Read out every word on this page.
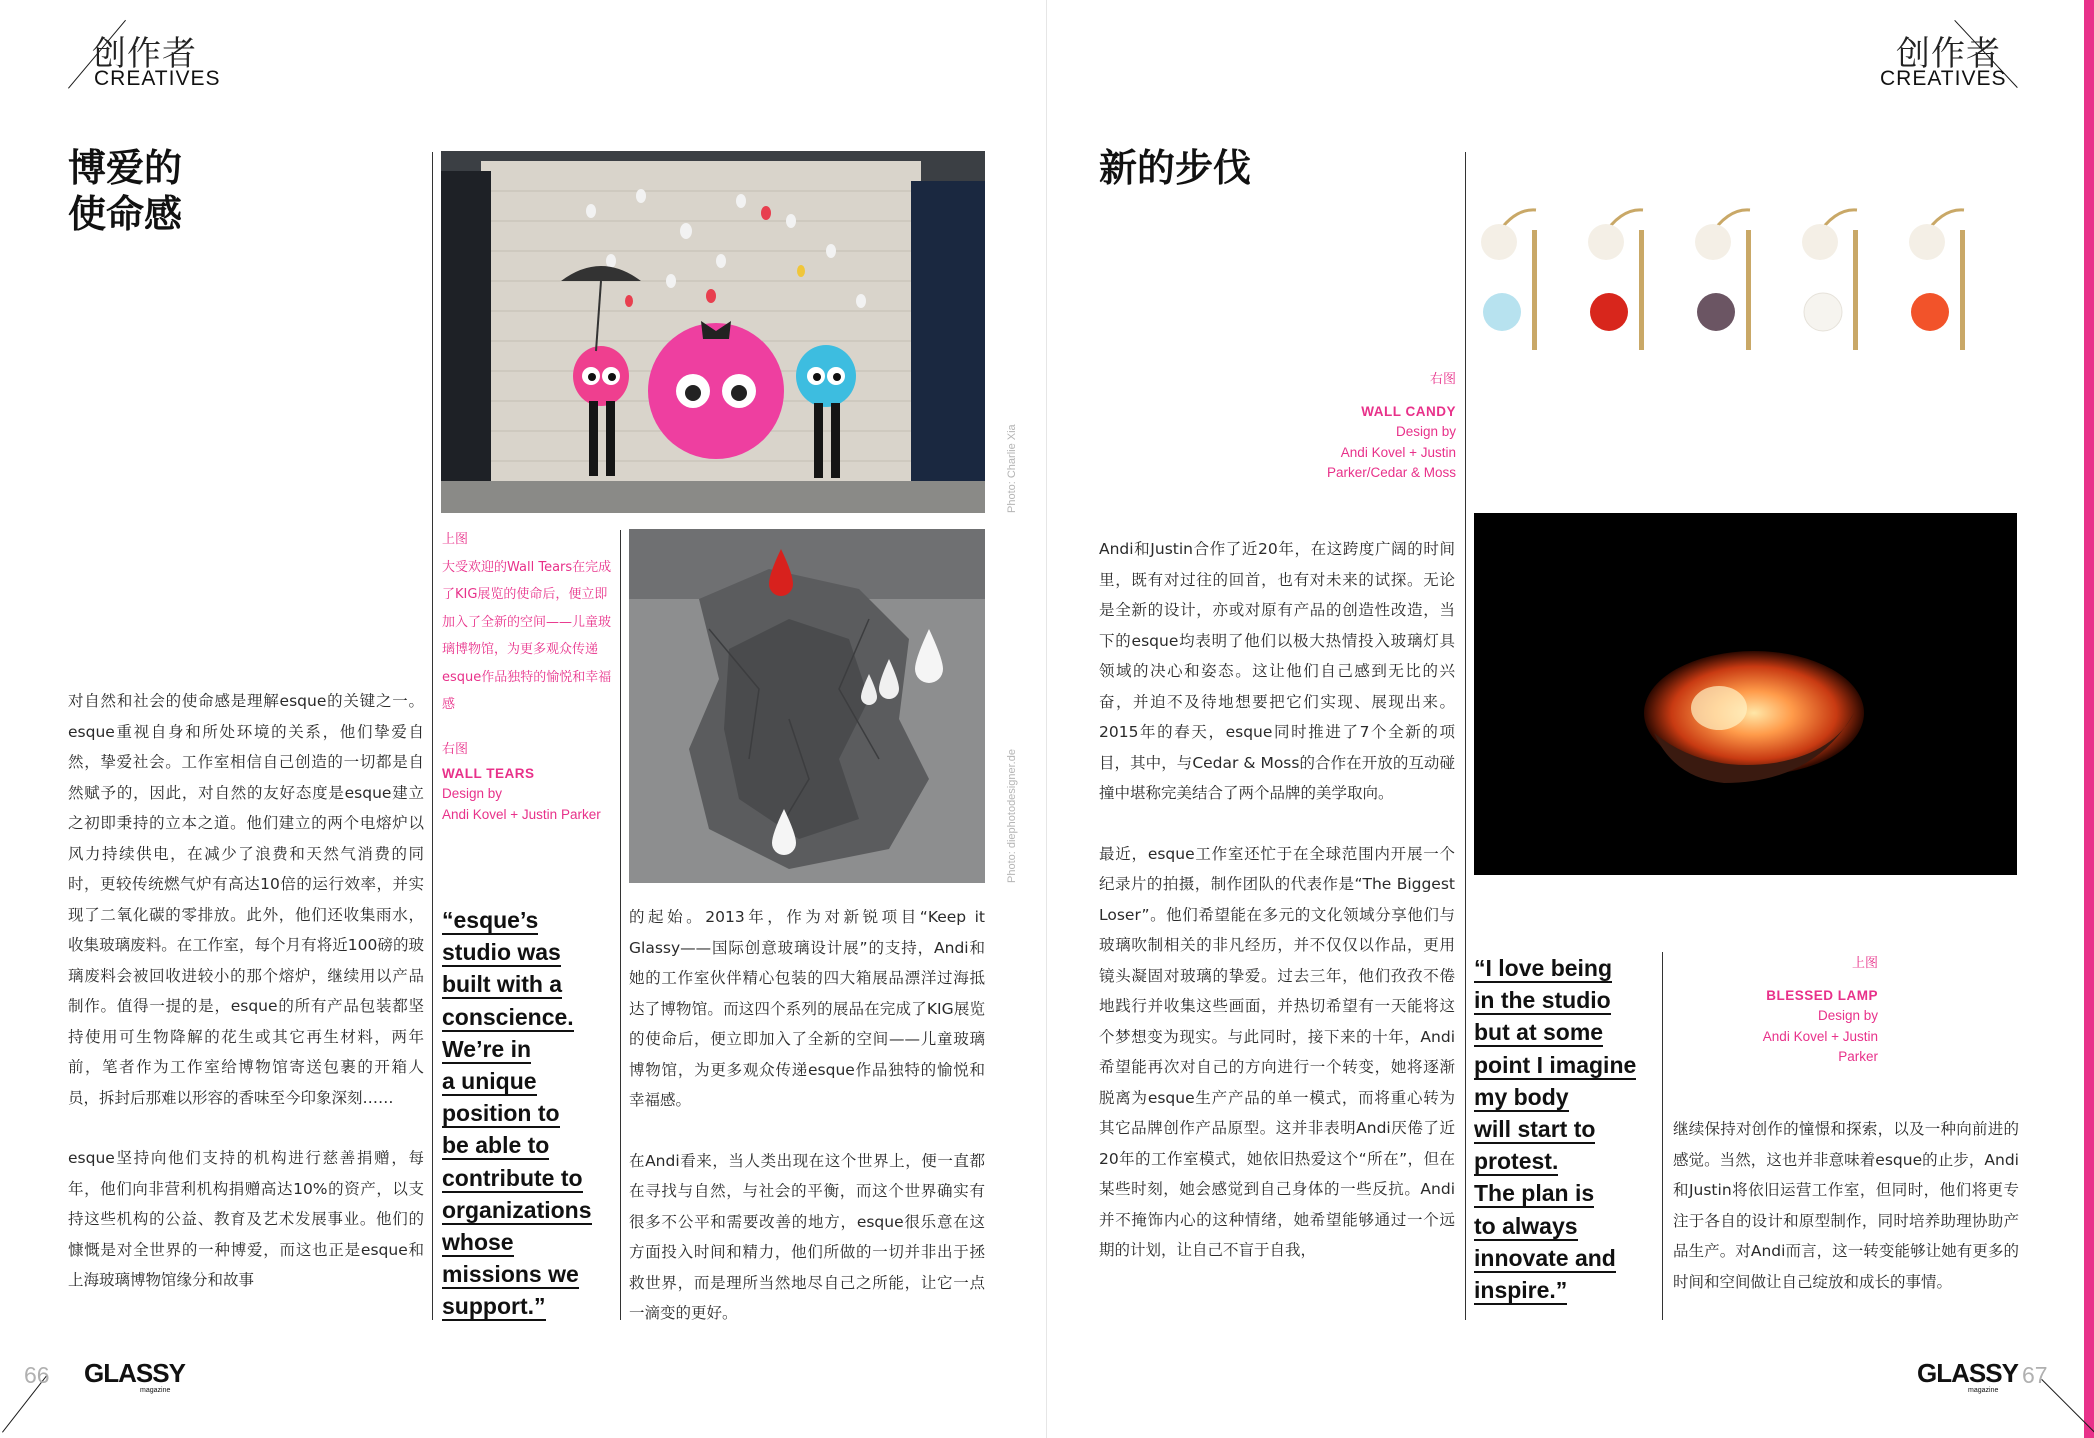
创作者
CREATIVES
博爱的
使命感

对自然和社会的使命感是理解esque的关键之一。esque重视自身和所处环境的关系，他们挚爱自然，挚爱社会。工作室相信自己创造的一切都是自然赋予的，因此，对自然的友好态度是esque建立之初即秉持的立本之道。他们建立的两个电熔炉以风力持续供电，在减少了浪费和天然气消费的同时，更较传统燃气炉有高达10倍的运行效率，并实现了二氧化碳的零排放。此外，他们还收集雨水，收集玻璃废料。在工作室，每个月有将近100磅的玻璃废料会被回收进较小的那个熔炉，继续用以产品制作。值得一提的是，esque的所有产品包装都坚持使用可生物降解的花生或其它再生材料，两年前，笔者作为工作室给博物馆寄送包裹的开箱人员，拆封后那难以形容的香味至今印象深刻……

esque坚持向他们支持的机构进行慈善捐赠，每年，他们向非营利机构捐赠高达10%的资产，以支持这些机构的公益、教育及艺术发展事业。他们的慷慨是对全世界的一种博爱，而这也正是esque和上海玻璃博物馆缘分和故事

Photo: Charlie Xia
上图
大受欢迎的Wall Tears在完成了KIG展览的使命后，便立即加入了全新的空间——儿童玻璃博物馆，为更多观众传递esque作品独特的愉悦和幸福感
右图
WALL TEARS
Design by
Andi Kovel + Justin Parker
“esque’s
studio was
built with a
conscience.
We’re in
a unique
position to
be able to
contribute to
organizations
whose
missions we
support.”
Photo: diephotodesigner.de

的起始。2013年，作为对新锐项目“Keep it Glassy——国际创意玻璃设计展”的支持，Andi和她的工作室伙伴精心包装的四大箱展品漂洋过海抵达了博物馆。而这四个系列的展品在完成了KIG展览的使命后，便立即加入了全新的空间——儿童玻璃博物馆，为更多观众传递esque作品独特的愉悦和幸福感。

在Andi看来，当人类出现在这个世界上，便一直都在寻找与自然，与社会的平衡，而这个世界确实有很多不公平和需要改善的地方，esque很乐意在这方面投入时间和精力，他们所做的一切并非出于拯救世界，而是理所当然地尽自己之所能，让它一点一滴变的更好。

66 GLASSY
magazine
创作者
CREATIVES
新的步伐
右图
WALL CANDY
Design by
Andi Kovel + Justin
Parker/Cedar & Moss

Andi和Justin合作了近20年，在这跨度广阔的时间里，既有对过往的回首，也有对未来的试探。无论是全新的设计，亦或对原有产品的创造性改造，当下的esque均表明了他们以极大热情投入玻璃灯具领域的决心和姿态。这让他们自己感到无比的兴奋，并迫不及待地想要把它们实现、展现出来。2015年的春天，esque同时推进了7个全新的项目，其中，与Cedar & Moss的合作在开放的互动碰撞中堪称完美结合了两个品牌的美学取向。

最近，esque工作室还忙于在全球范围内开展一个纪录片的拍摄，制作团队的代表作是“The Biggest Loser”。他们希望能在多元的文化领域分享他们与玻璃吹制相关的非凡经历，并不仅仅以作品，更用镜头凝固对玻璃的挚爱。过去三年，他们孜孜不倦地践行并收集这些画面，并热切希望有一天能将这个梦想变为现实。与此同时，接下来的十年，Andi希望能再次对自己的方向进行一个转变，她将逐渐脱离为esque生产产品的单一模式，而将重心转为其它品牌创作产品原型。这并非表明Andi厌倦了近20年的工作室模式，她依旧热爱这个“所在”，但在某些时刻，她会感觉到自己身体的一些反抗。Andi并不掩饰内心的这种情绪，她希望能够通过一个远期的计划，让自己不盲于自我，

“I love being
in the studio
but at some
point I imagine
my body
will start to
protest.
The plan is
to always
innovate and
inspire.”
上图
BLESSED LAMP
Design by
Andi Kovel + Justin
Parker

继续保持对创作的憧憬和探索，以及一种向前进的感觉。当然，这也并非意味着esque的止步，Andi和Justin将依旧运营工作室，但同时，他们将更专注于各自的设计和原型制作，同时培养助理协助产品生产。对Andi而言，这一转变能够让她有更多的时间和空间做让自己绽放和成长的事情。

GLASSY
magazine
67
